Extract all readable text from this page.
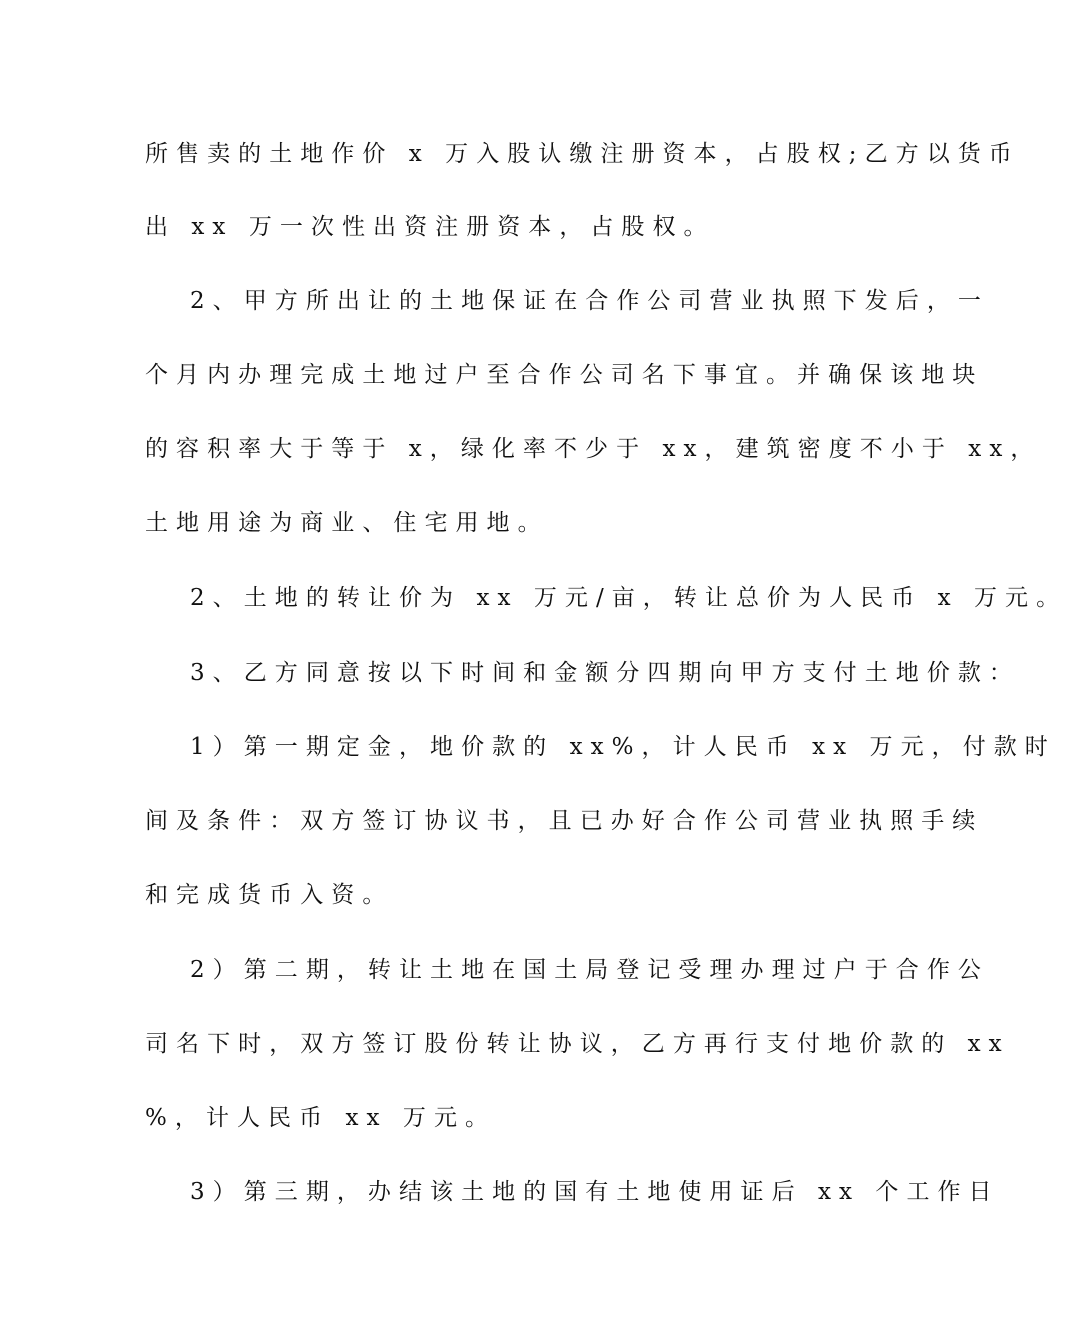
所售卖的土地作价 x 万入股认缴注册资本，占股权;乙方以货币
出 xx 万一次性出资注册资本，占股权。
2、甲方所出让的土地保证在合作公司营业执照下发后，一
个月内办理完成土地过户至合作公司名下事宜。并确保该地块
的容积率大于等于 x，绿化率不少于 xx，建筑密度不小于 xx，
土地用途为商业、住宅用地。
2、土地的转让价为 xx 万元/亩，转让总价为人民币 x 万元。
3、乙方同意按以下时间和金额分四期向甲方支付土地价款：
1）第一期定金，地价款的 xx%，计人民币 xx 万元，付款时
间及条件：双方签订协议书，且已办好合作公司营业执照手续
和完成货币入资。
2）第二期，转让土地在国土局登记受理办理过户于合作公
司名下时，双方签订股份转让协议，乙方再行支付地价款的 xx
%，计人民币 xx 万元。
3）第三期，办结该土地的国有土地使用证后 xx 个工作日
